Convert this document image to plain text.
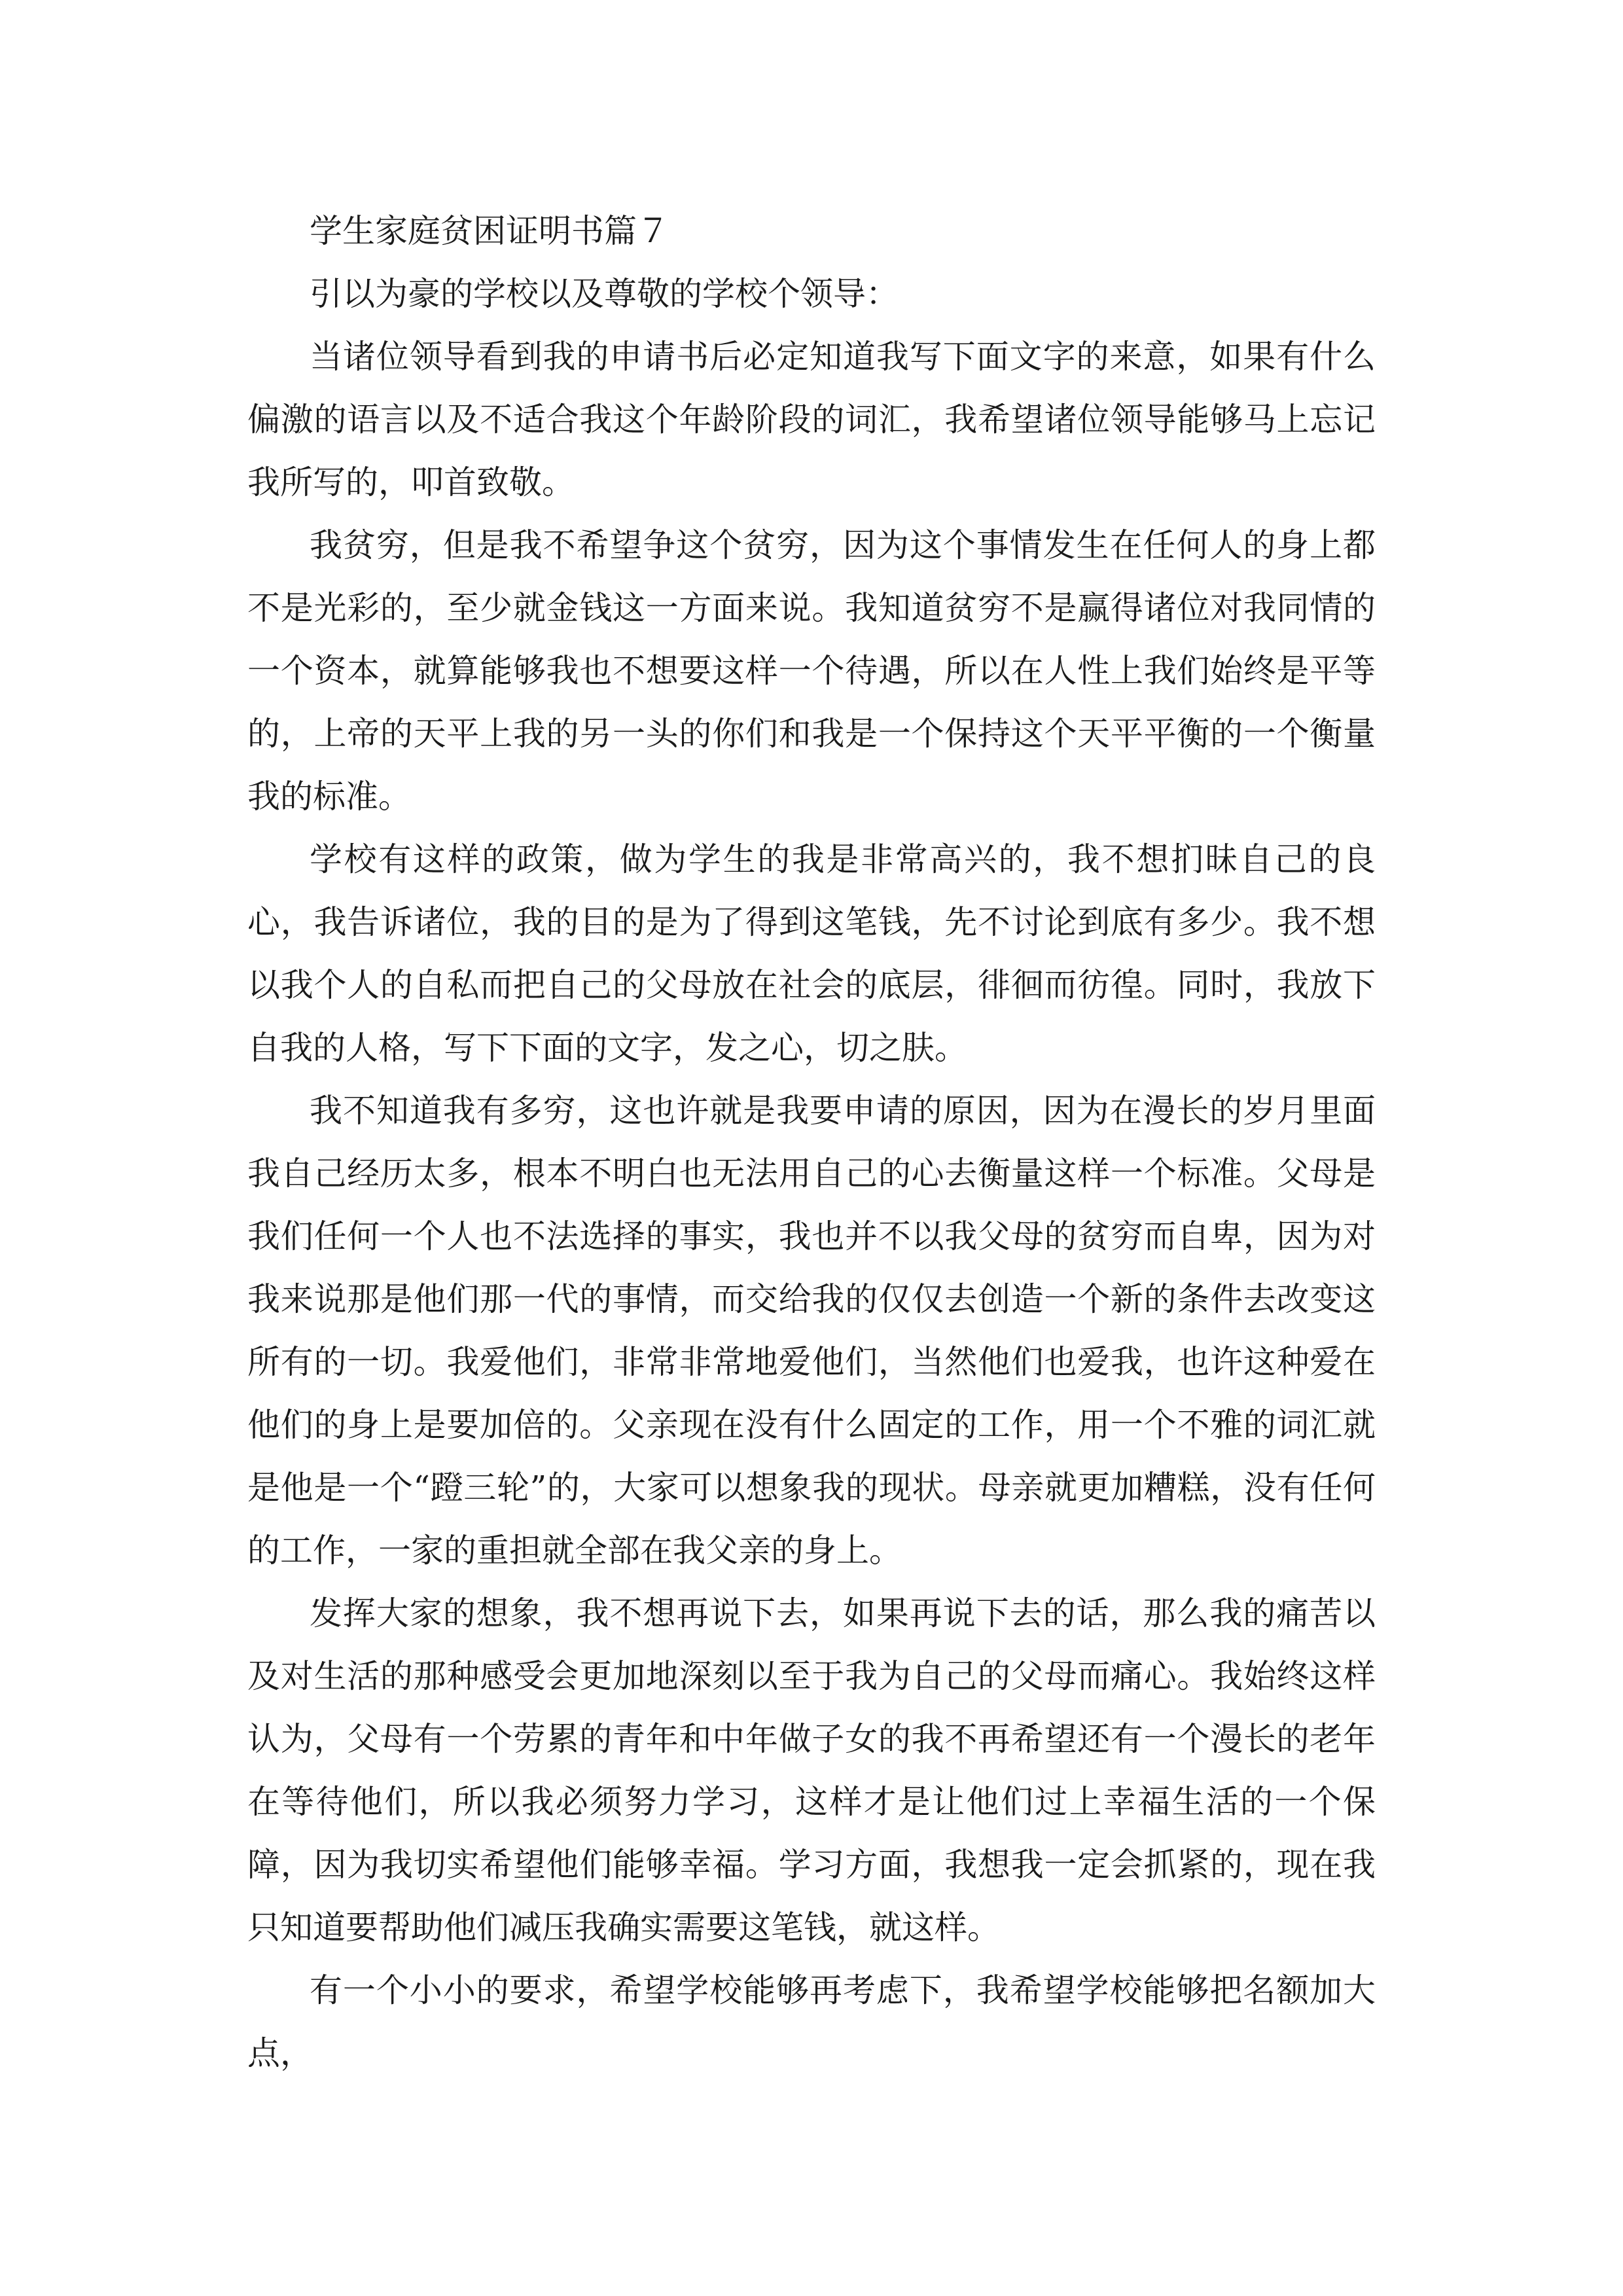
学生家庭贫困证明书篇７

引以为豪的学校以及尊敬的学校个领导：

当诸位领导看到我的申请书后必定知道我写下面文字的来意，如果有什么偏激的语言以及不适合我这个年龄阶段的词汇，我希望诸位领导能够马上忘记我所写的，叩首致敬。

我贫穷，但是我不希望争这个贫穷，因为这个事情发生在任何人的身上都不是光彩的，至少就金钱这一方面来说。我知道贫穷不是赢得诸位对我同情的一个资本，就算能够我也不想要这样一个待遇，所以在人性上我们始终是平等的，上帝的天平上我的另一头的你们和我是一个保持这个天平平衡的一个衡量我的标准。

学校有这样的政策，做为学生的我是非常高兴的，我不想扪昧自己的良心，我告诉诸位，我的目的是为了得到这笔钱，先不讨论到底有多少。我不想以我个人的自私而把自己的父母放在社会的底层，徘徊而彷徨。同时，我放下自我的人格，写下下面的文字，发之心，切之肤。

我不知道我有多穷，这也许就是我要申请的原因，因为在漫长的岁月里面我自己经历太多，根本不明白也无法用自己的心去衡量这样一个标准。父母是我们任何一个人也不法选择的事实，我也并不以我父母的贫穷而自卑，因为对我来说那是他们那一代的事情，而交给我的仅仅去创造一个新的条件去改变这所有的一切。我爱他们，非常非常地爱他们，当然他们也爱我，也许这种爱在他们的身上是要加倍的。父亲现在没有什么固定的工作，用一个不雅的词汇就是他是一个“蹬三轮”的，大家可以想象我的现状。母亲就更加糟糕，没有任何的工作，一家的重担就全部在我父亲的身上。

发挥大家的想象，我不想再说下去，如果再说下去的话，那么我的痛苦以及对生活的那种感受会更加地深刻以至于我为自己的父母而痛心。我始终这样认为，父母有一个劳累的青年和中年做子女的我不再希望还有一个漫长的老年在等待他们，所以我必须努力学习，这样才是让他们过上幸福生活的一个保障，因为我切实希望他们能够幸福。学习方面，我想我一定会抓紧的，现在我只知道要帮助他们减压我确实需要这笔钱，就这样。

有一个小小的要求，希望学校能够再考虑下，我希望学校能够把名额加大点，
